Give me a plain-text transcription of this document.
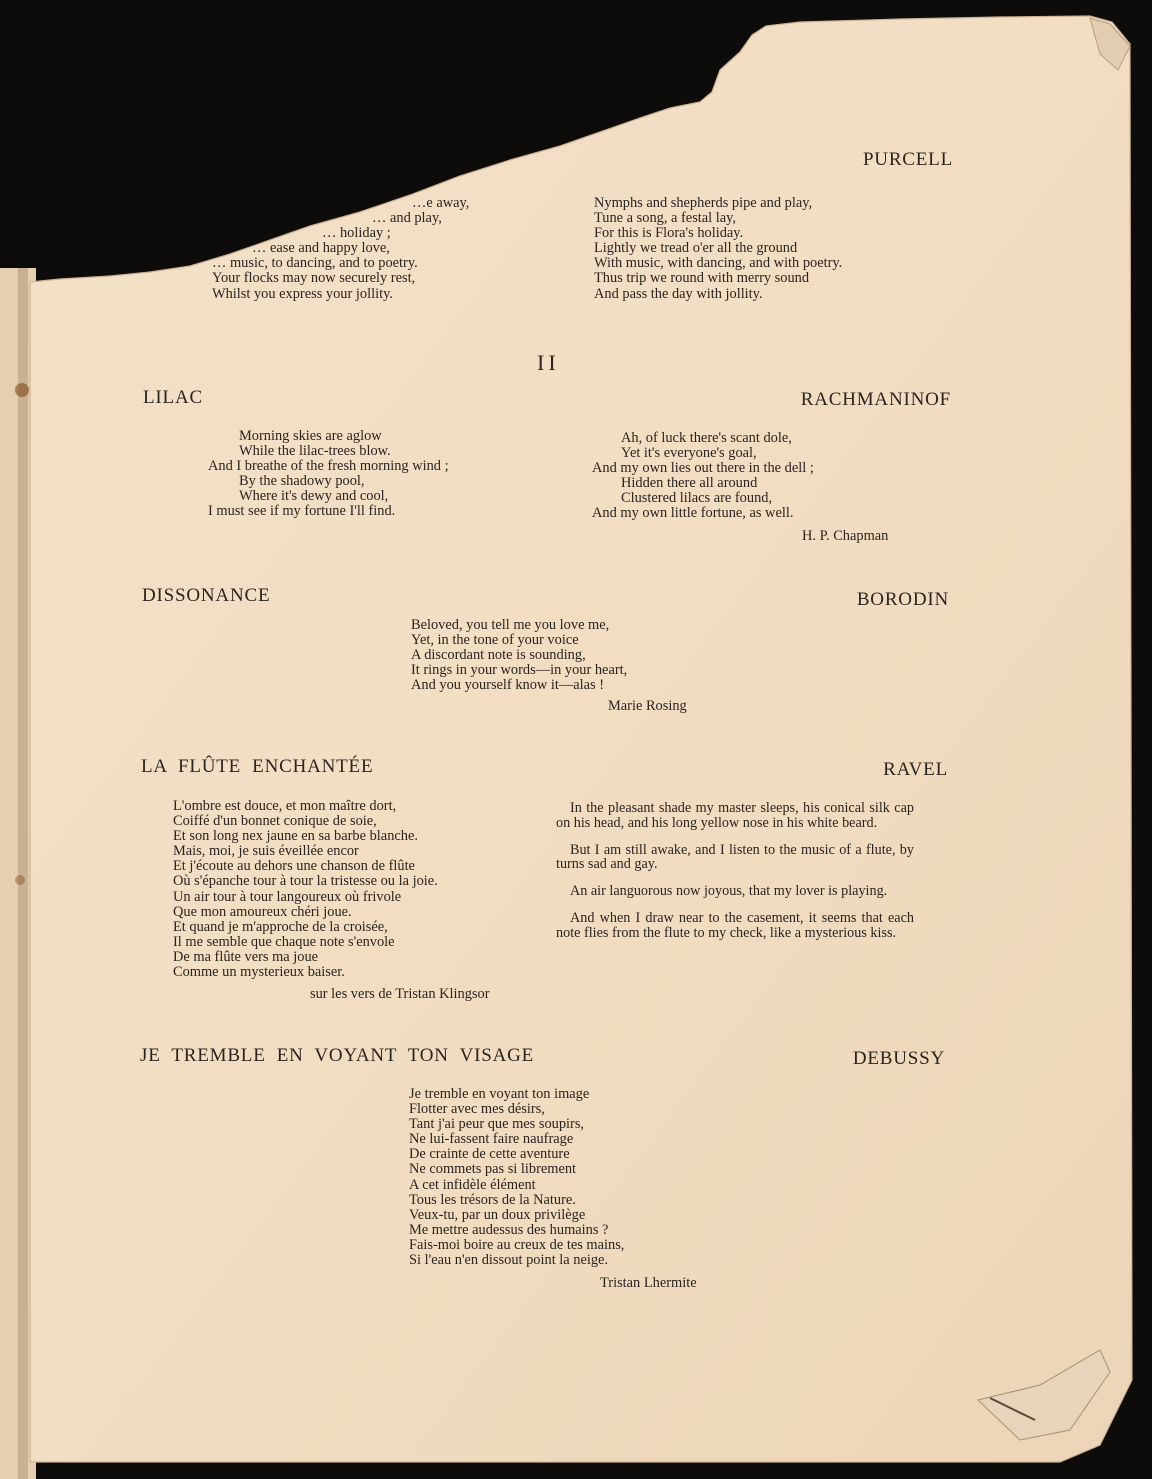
PURCELL
…e away,
… and play,
… holiday ;
… ease and happy love,
… music, to dancing, and to poetry.
Your flocks may now securely rest,
Whilst you express your jollity.
Nymphs and shepherds pipe and play,
Tune a song, a festal lay,
For this is Flora's holiday.
Lightly we tread o'er all the ground
With music, with dancing, and with poetry.
Thus trip we round with merry sound
And pass the day with jollity.
II
LILAC	RACHMANINOF
Morning skies are aglow
While the lilac-trees blow.
And I breathe of the fresh morning wind ;
By the shadowy pool,
Where it's dewy and cool,
I must see if my fortune I'll find.
Ah, of luck there's scant dole,
Yet it's everyone's goal,
And my own lies out there in the dell ;
Hidden there all around
Clustered lilacs are found,
And my own little fortune, as well.
H. P. Chapman
DISSONANCE	BORODIN
Beloved, you tell me you love me,
Yet, in the tone of your voice
A discordant note is sounding,
It rings in your words—in your heart,
And you yourself know it—alas !
Marie Rosing
LA  FLÛTE  ENCHANTÉE	RAVEL
L'ombre est douce, et mon maître dort,
Coiffé d'un bonnet conique de soie,
Et son long nex jaune en sa barbe blanche.
Mais, moi, je suis éveillée encor
Et j'écoute au dehors une chanson de flûte
Où s'épanche tour à tour la tristesse ou la joie.
Un air tour à tour langoureux où frivole
Que mon amoureux chéri joue.
Et quand je m'approche de la croisée,
Il me semble que chaque note s'envole
De ma flûte vers ma joue
Comme un mysterieux baiser.
sur les vers de Tristan Klingsor

In the pleasant shade my master sleeps, his conical silk cap on his head, and his long yellow nose in his white beard.

But I am still awake, and I listen to the music of a flute, by turns sad and gay.

An air languorous now joyous, that my lover is playing.

And when I draw near to the casement, it seems that each note flies from the flute to my check, like a mysterious kiss.

JE  TREMBLE  EN  VOYANT  TON  VISAGE	DEBUSSY
Je tremble en voyant ton image
Flotter avec mes désirs,
Tant j'ai peur que mes soupirs,
Ne lui-fassent faire naufrage
De crainte de cette aventure
Ne commets pas si librement
A cet infidèle élément
Tous les trésors de la Nature.
Veux-tu, par un doux privilège
Me mettre audessus des humains ?
Fais-moi boire au creux de tes mains,
Si l'eau n'en dissout point la neige.
Tristan Lhermite
